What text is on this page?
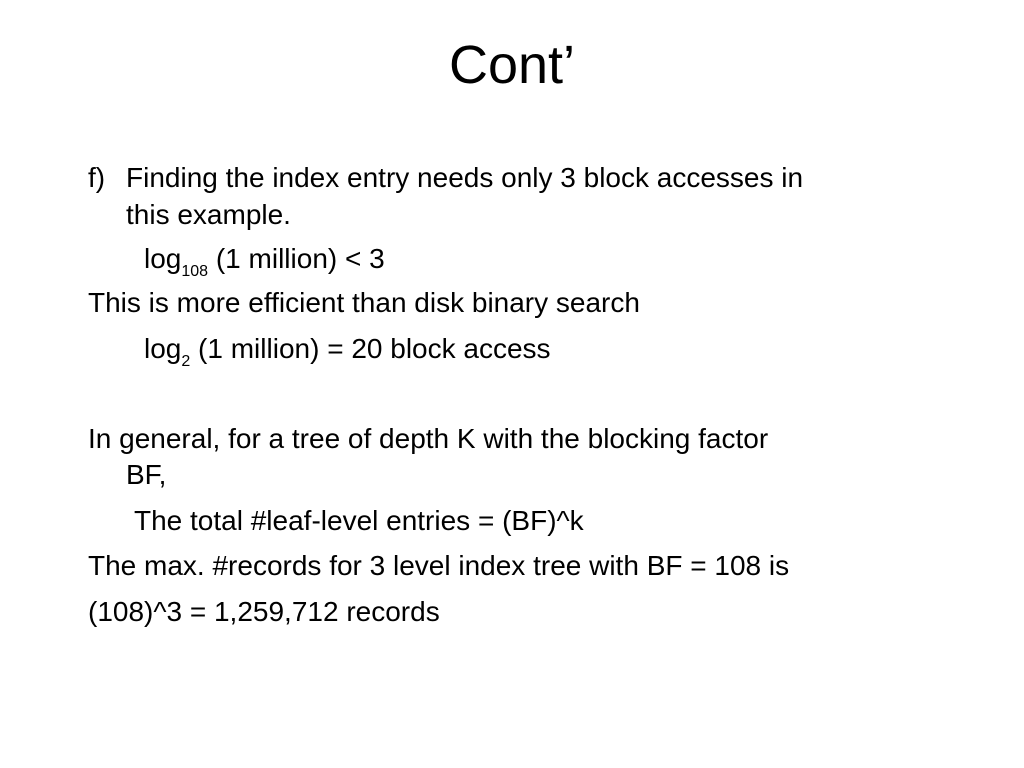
Cont’
f) Finding the index entry needs only 3 block accesses in
this example.
$\log_{108} (1$ million) < 3
This is more efficient than disk binary search
$\log_2 (1$ million) = 20 block access
In general, for a tree of depth K with the blocking factor
BF,
The total #leaf-level entries = (BF)^k
The max. #records for 3 level index tree with BF = 108 is
(108)^3 = 1,259,712 records
